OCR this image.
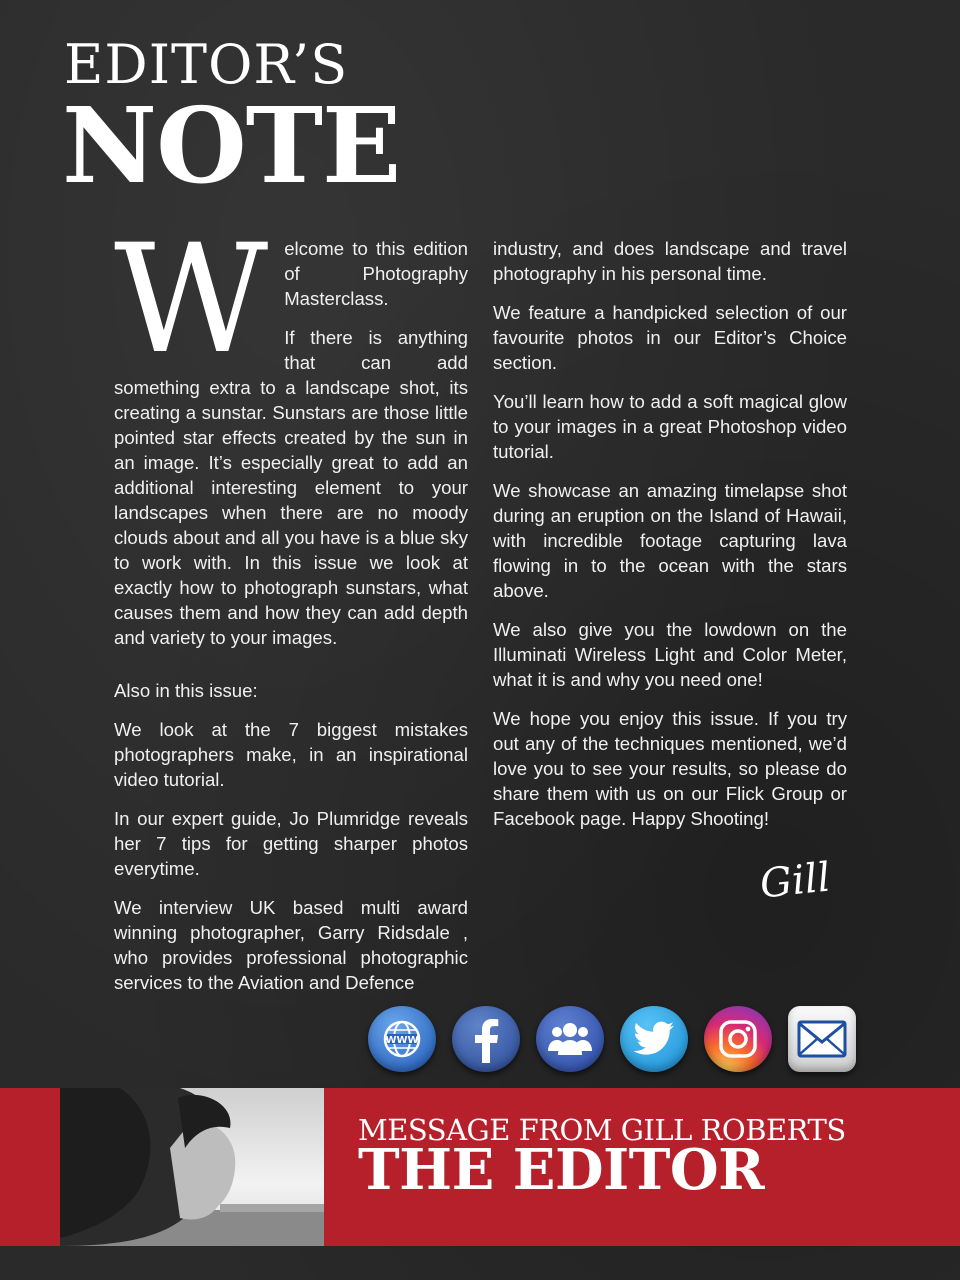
EDITOR’S
NOTE

W elcome to this edition of Photography Masterclass.

If there is anything that can add something extra to a landscape shot, its creating a sunstar. Sunstars are those little pointed star effects created by the sun in an image. It’s especially great to add an additional interesting element to your landscapes when there are no moody clouds about and all you have is a blue sky to work with. In this issue we look at exactly how to photograph sunstars, what causes them and how they can add depth and variety to your images.

Also in this issue:

We look at the 7 biggest mistakes photographers make, in an inspirational video tutorial.

In our expert guide, Jo Plumridge reveals her 7 tips for getting sharper photos everytime.

We interview UK based multi award winning photographer, Garry Ridsdale , who provides professional photographic services to the Aviation and Defence

industry, and does landscape and travel photography in his personal time.

We feature a handpicked selection of our favourite photos in our Editor’s Choice section.

You’ll learn how to add a soft magical glow to your images in a great Photoshop video tutorial.

We showcase an amazing timelapse shot during an eruption on the Island of Hawaii, with incredible footage capturing lava flowing in to the ocean with the stars above.

We also give you the lowdown on the Illuminati Wireless Light and Color Meter, what it is and why you need one!

We hope you enjoy this issue. If you try out any of the techniques mentioned, we’d love you to see your results, so please do share them with us on our Flick Group or Facebook page. Happy Shooting!

Gill
WWW
MESSAGE FROM GILL ROBERTS
THE EDITOR
